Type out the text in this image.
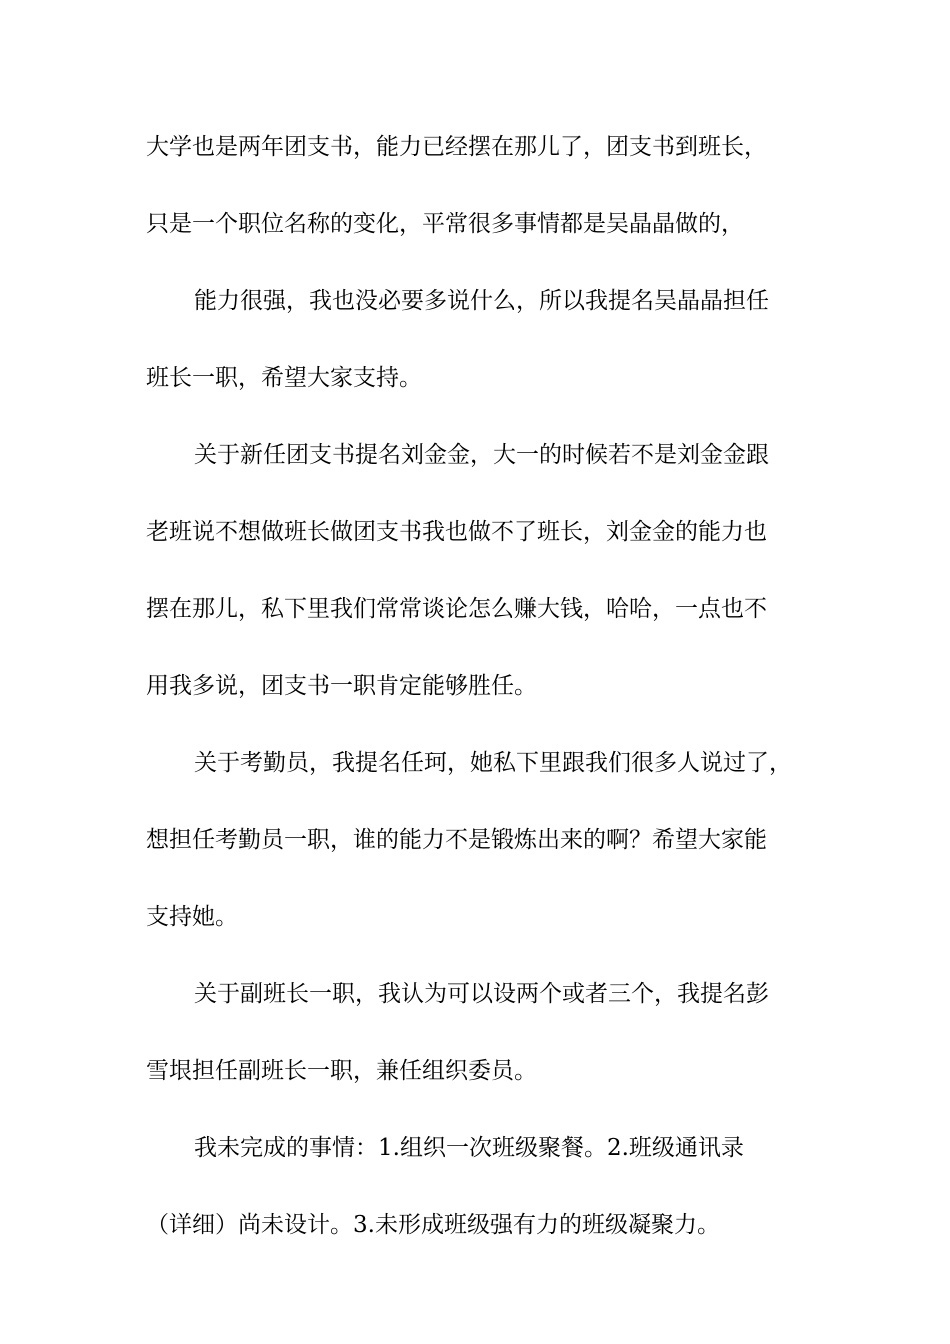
大学也是两年团支书，能力已经摆在那儿了，团支书到班长，
只是一个职位名称的变化，平常很多事情都是吴晶晶做的，
能力很强，我也没必要多说什么，所以我提名吴晶晶担任
班长一职，希望大家支持。
关于新任团支书提名刘金金，大一的时候若不是刘金金跟
老班说不想做班长做团支书我也做不了班长，刘金金的能力也
摆在那儿，私下里我们常常谈论怎么赚大钱，哈哈，一点也不
用我多说，团支书一职肯定能够胜任。
关于考勤员，我提名任珂，她私下里跟我们很多人说过了，
想担任考勤员一职，谁的能力不是锻炼出来的啊？希望大家能
支持她。
关于副班长一职，我认为可以设两个或者三个，我提名彭
雪垠担任副班长一职，兼任组织委员。
我未完成的事情：1.组织一次班级聚餐。2.班级通讯录
（详细）尚未设计。3.未形成班级强有力的班级凝聚力。
